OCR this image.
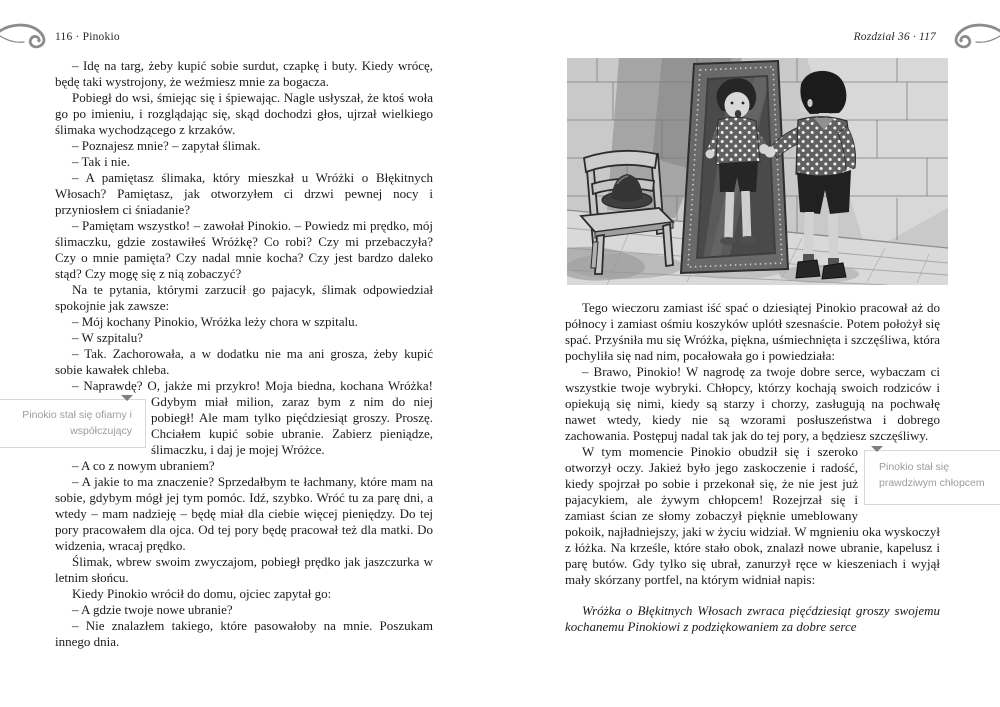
116 · Pinokio	Rozdział 36 · 117

– Idę na targ, żeby kupić sobie surdut, czapkę i buty. Kiedy wrócę, będę taki wystrojony, że weźmiesz mnie za bogacza.

Pobiegł do wsi, śmiejąc się i śpiewając. Nagle usłyszał, że ktoś woła go po imieniu, i rozglądając się, skąd dochodzi głos, ujrzał wielkiego ślimaka wychodzącego z krzaków.

– Poznajesz mnie? – zapytał ślimak.

– Tak i nie.

– A pamiętasz ślimaka, który mieszkał u Wróżki o Błękitnych Włosach? Pamiętasz, jak otworzyłem ci drzwi pewnej nocy i przyniosłem ci śniadanie?

– Pamiętam wszystko! – zawołał Pinokio. – Powiedz mi prędko, mój ślimaczku, gdzie zostawiłeś Wróżkę? Co robi? Czy mi przebaczyła? Czy o mnie pamięta? Czy nadal mnie kocha? Czy jest bardzo daleko stąd? Czy mogę się z nią zobaczyć?

Na te pytania, którymi zarzucił go pajacyk, ślimak odpowiedział spokojnie jak zawsze:

– Mój kochany Pinokio, Wróżka leży chora w szpitalu.

– W szpitalu?

– Tak. Zachorowała, a w dodatku nie ma ani grosza, żeby kupić sobie kawałek chleba.

– Naprawdę? O, jakże mi przykro! Moja biedna, kochana Wróżka!
Gdybym miał milion, zaraz bym z nim do niej pobiegł! Ale mam tylko pięćdziesiąt groszy. Proszę. Chciałem kupić sobie ubranie. Zabierz pieniądze, ślimaczku, i daj je mojej Wróżce.

– A co z nowym ubraniem?

– A jakie to ma znaczenie? Sprzedałbym te łachmany, które mam na sobie, gdybym mógł jej tym pomóc. Idź, szybko. Wróć tu za parę dni, a wtedy – mam nadzieję – będę miał dla ciebie więcej pieniędzy. Do tej pory pracowałem dla ojca. Od tej pory będę pracował też dla matki. Do widzenia, wracaj prędko.

Ślimak, wbrew swoim zwyczajom, pobiegł prędko jak jaszczurka w letnim słońcu.

Kiedy Pinokio wrócił do domu, ojciec zapytał go:

– A gdzie twoje nowe ubranie?

– Nie znalazłem takiego, które pasowałoby na mnie. Poszukam innego dnia.

Pinokio stał się ofiarny i współczujący

Tego wieczoru zamiast iść spać o dziesiątej Pinokio pracował aż do północy i zamiast ośmiu koszyków uplótł szesnaście. Potem położył się spać. Przyśniła mu się Wróżka, piękna, uśmiechnięta i szczęśliwa, która pochyliła się nad nim, pocałowała go i powiedziała:

– Brawo, Pinokio! W nagrodę za twoje dobre serce, wybaczam ci wszystkie twoje wybryki. Chłopcy, którzy kochają swoich rodziców i opiekują się nimi, kiedy są starzy i chorzy, zasługują na pochwałę nawet wtedy, kiedy nie są wzorami posłuszeństwa i dobrego zachowania. Postępuj nadal tak jak do tej pory, a będziesz szczęśliwy.

W tym momencie Pinokio obudził się i szeroko otworzył oczy. Jakież było jego zaskoczenie i radość, kiedy spojrzał po sobie i przekonał się, że nie jest już pajacykiem, ale żywym chłopcem! Rozejrzał się i zamiast ścian ze słomy zobaczył pięknie umeblowany pokoik, najładniejszy, jaki w życiu widział. W mgnieniu oka wyskoczył z łóżka. Na krześle, które stało obok, znalazł nowe ubranie, kapelusz i parę butów. Gdy tylko się ubrał, zanurzył ręce w kieszeniach i wyjął mały skórzany portfel, na którym widniał napis:

Wróżka o Błękitnych Włosach zwraca pięćdziesiąt groszy swojemu kochanemu Pinokiowi z podziękowaniem za dobre serce

Pinokio stał się prawdziwym chłopcem
